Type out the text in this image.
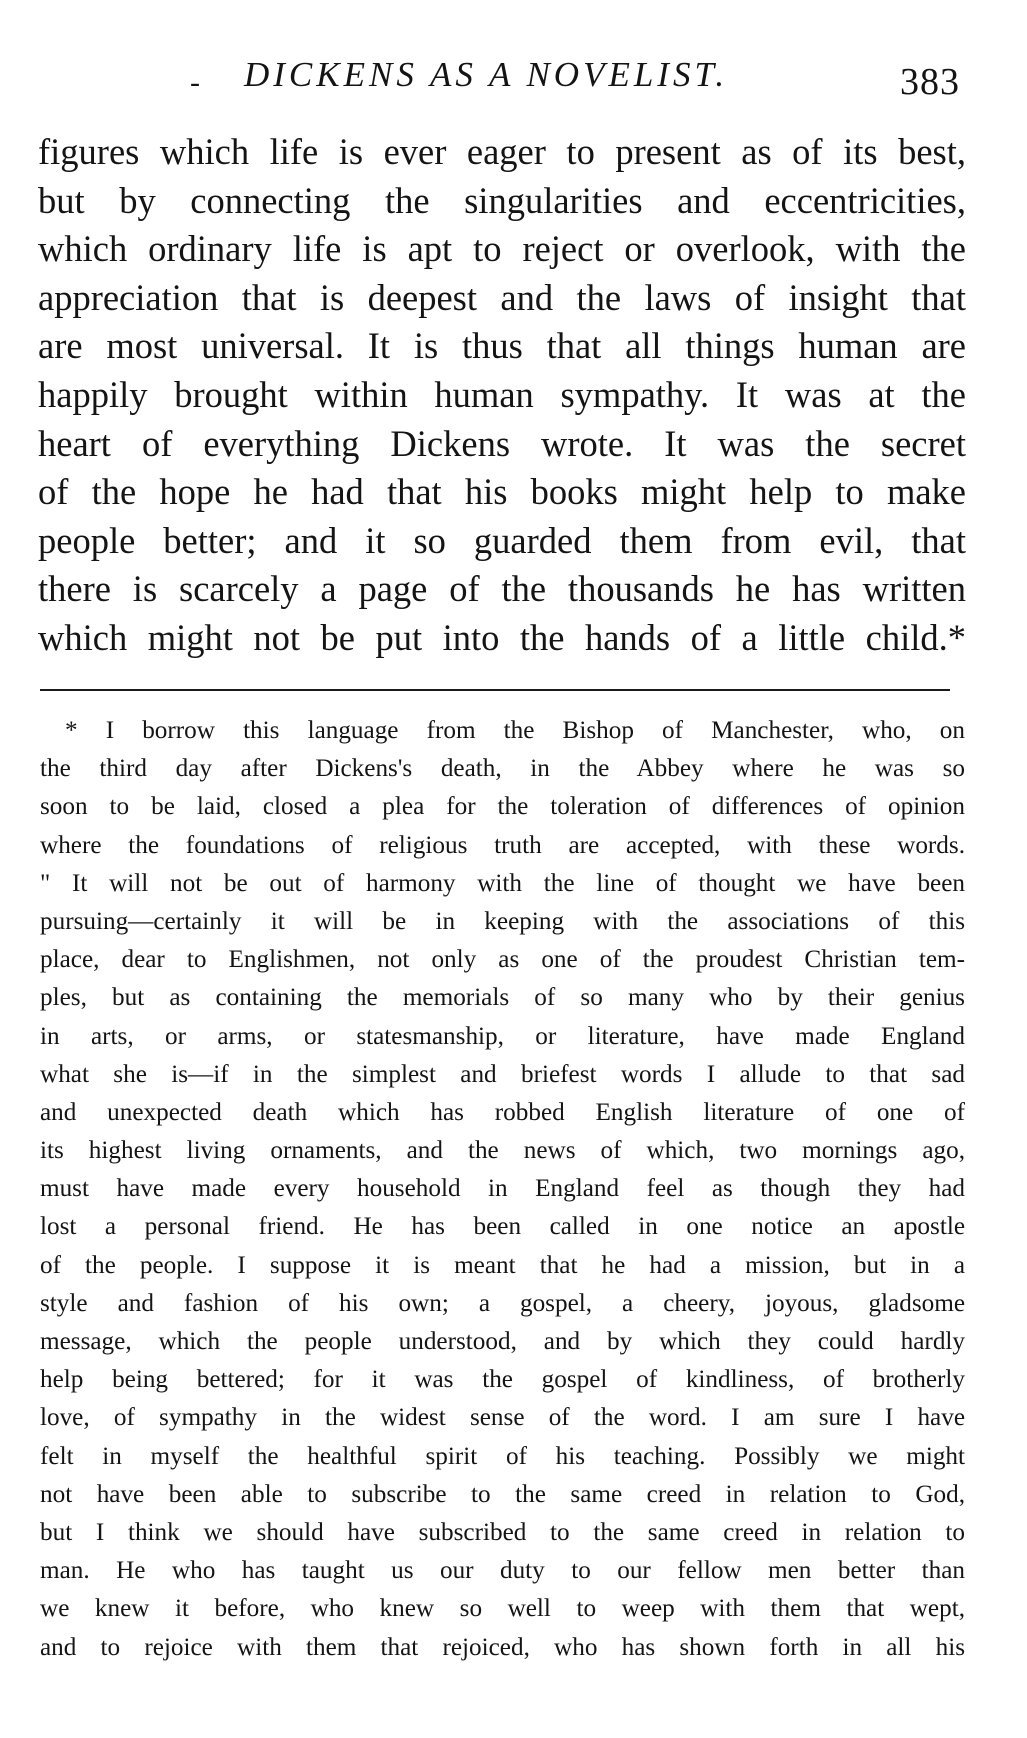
- DICKENS AS A NOVELIST.	383
figures which life is ever eager to present as of its best,
but by connecting the singularities and eccentricities,
which ordinary life is apt to reject or overlook, with the
appreciation that is deepest and the laws of insight that
are most universal. It is thus that all things human are
happily brought within human sympathy. It was at the
heart of everything Dickens wrote. It was the secret
of the hope he had that his books might help to make
people better; and it so guarded them from evil, that
there is scarcely a page of the thousands he has written
which might not be put into the hands of a little child.*
* I borrow this language from the Bishop of Manchester, who, on
the third day after Dickens's death, in the Abbey where he was so
soon to be laid, closed a plea for the toleration of differences of opinion
where the foundations of religious truth are accepted, with these words.
" It will not be out of harmony with the line of thought we have been
pursuing—certainly it will be in keeping with the associations of this
place, dear to Englishmen, not only as one of the proudest Christian tem-
ples, but as containing the memorials of so many who by their genius
in arts, or arms, or statesmanship, or literature, have made England
what she is—if in the simplest and briefest words I allude to that sad
and unexpected death which has robbed English literature of one of
its highest living ornaments, and the news of which, two mornings ago,
must have made every household in England feel as though they had
lost a personal friend. He has been called in one notice an apostle
of the people. I suppose it is meant that he had a mission, but in a
style and fashion of his own; a gospel, a cheery, joyous, gladsome
message, which the people understood, and by which they could hardly
help being bettered; for it was the gospel of kindliness, of brotherly
love, of sympathy in the widest sense of the word. I am sure I have
felt in myself the healthful spirit of his teaching. Possibly we might
not have been able to subscribe to the same creed in relation to God,
but I think we should have subscribed to the same creed in relation to
man. He who has taught us our duty to our fellow men better than
we knew it before, who knew so well to weep with them that wept,
and to rejoice with them that rejoiced, who has shown forth in all his
